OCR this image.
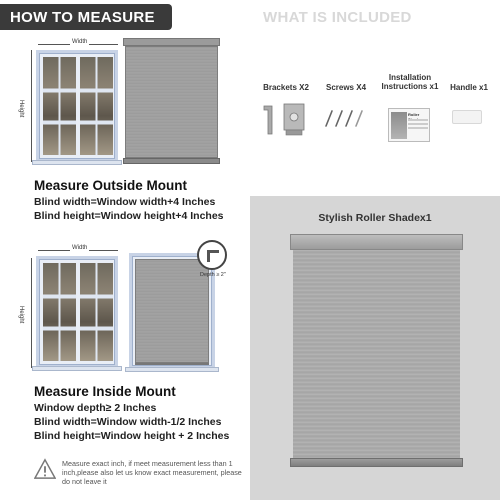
HOW TO MEASURE
Width
Height
Measure Outside Mount
Blind width=Window width+4 Inches
Blind height=Window height+4 Inches
Width
Height
Depth ≥ 2"
Measure Inside Mount
Window depth≥ 2 Inches
Blind width=Window width-1/2 Inches
Blind height=Window height + 2 Inches
Measure exact inch, if meet measurement less than 1 inch,please also let us know exact measurement, please do not leave it
WHAT IS INCLUDED
Brackets X2	Screws X4
Installation Instructions x1	Handle x1
Roller
Stylish Roller Shadex1
